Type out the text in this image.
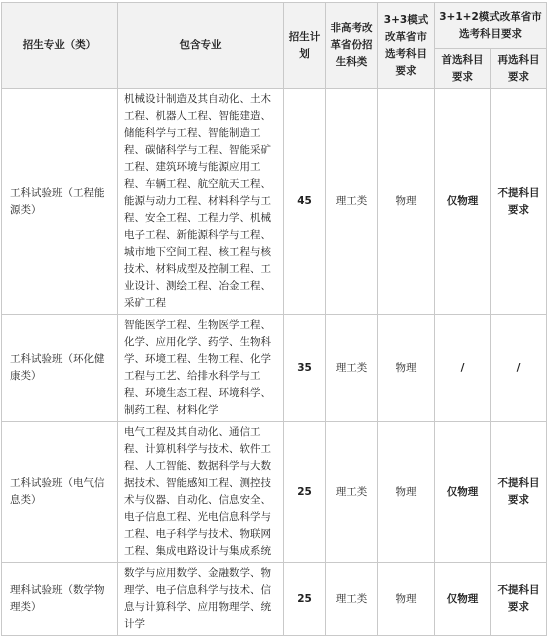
招生专业（类）	包含专业	招生计划	非高考改革省份招生科类	3+3模式改革省市选考科目要求	3+1+2模式改革省市选考科目要求	
					首选科目要求	再选科目要求
工科试验班（工程能源类）	机械设计制造及其自动化、土木工程、机器人工程、智能建造、储能科学与工程、智能制造工程、碳储科学与工程、智能采矿工程、建筑环境与能源应用工程、车辆工程、航空航天工程、能源与动力工程、材料科学与工程、安全工程、工程力学、机械电子工程、新能源科学与工程、城市地下空间工程、核工程与核技术、材料成型及控制工程、工业设计、测绘工程、冶金工程、采矿工程	45	理工类	物理	仅物理	不提科目要求
工科试验班（环化健康类）	智能医学工程、生物医学工程、化学、应用化学、药学、生物科学、环境工程、生物工程、化学工程与工艺、给排水科学与工程、环境生态工程、环境科学、制药工程、材料化学	35	理工类	物理	/	/
工科试验班（电气信息类）	电气工程及其自动化、通信工程、计算机科学与技术、软件工程、人工智能、数据科学与大数据技术、智能感知工程、测控技术与仪器、自动化、信息安全、电子信息工程、光电信息科学与工程、电子科学与技术、物联网工程、集成电路设计与集成系统	25	理工类	物理	仅物理	不提科目要求
理科试验班（数学物理类）	数学与应用数学、金融数学、物理学、电子信息科学与技术、信息与计算科学、应用物理学、统计学	25	理工类	物理	仅物理	不提科目要求
